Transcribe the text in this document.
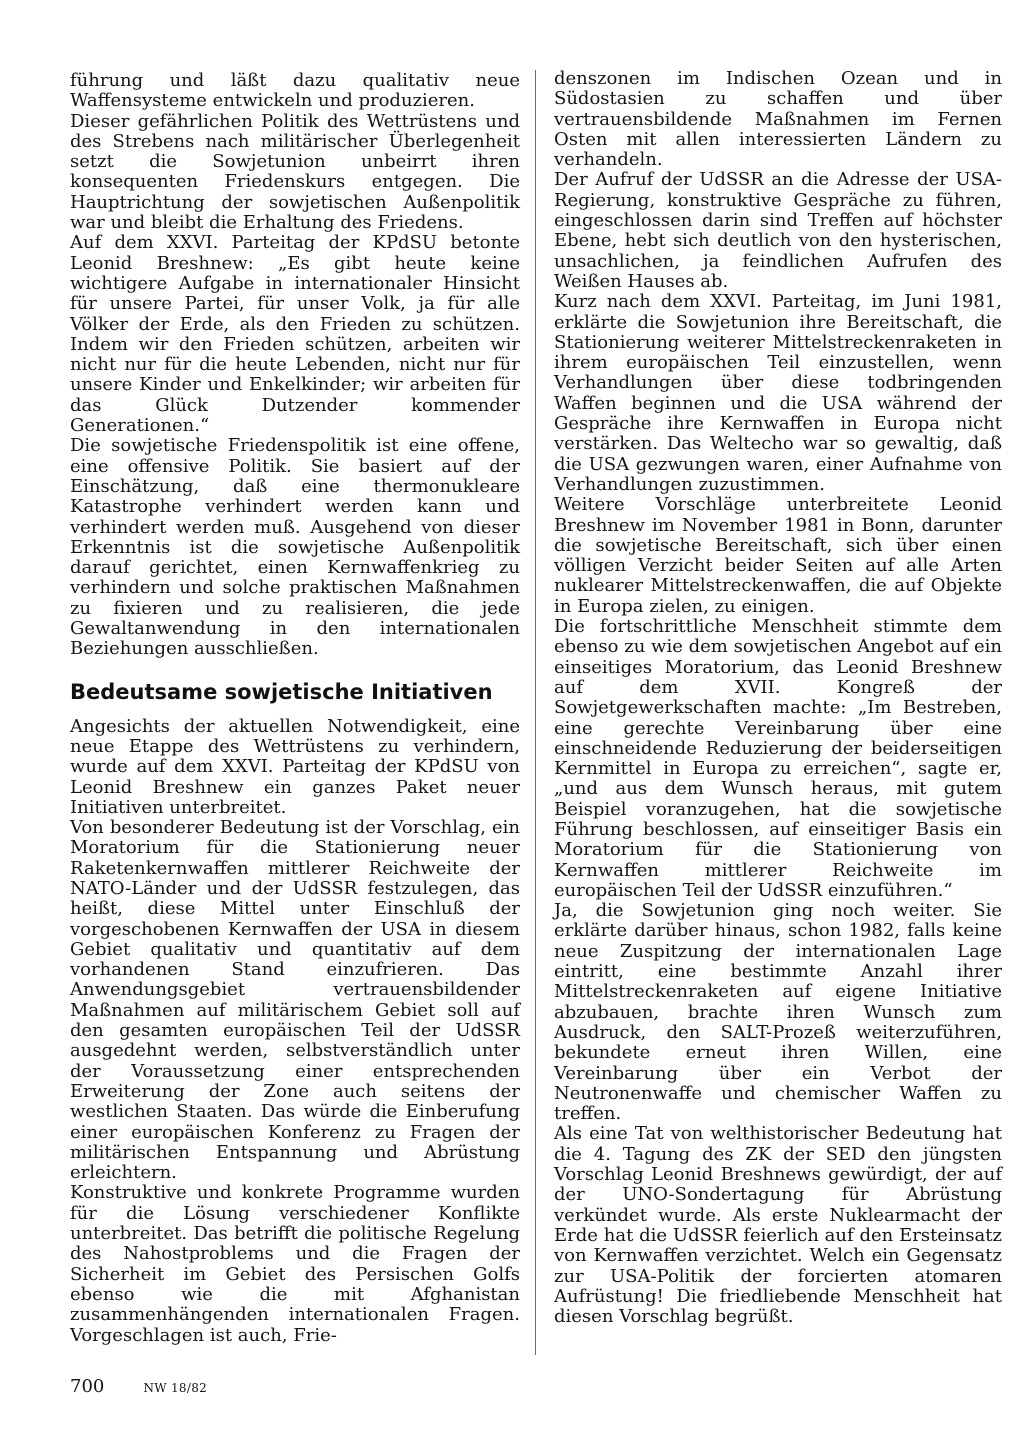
führung und läßt dazu qualitativ neue Waffensysteme entwickeln und produzieren.

Dieser gefährlichen Politik des Wettrüstens und des Strebens nach militärischer Überlegenheit setzt die Sowjetunion unbeirrt ihren konsequenten Friedenskurs entgegen. Die Hauptrichtung der sowjetischen Außenpolitik war und bleibt die Erhaltung des Friedens.

Auf dem XXVI. Parteitag der KPdSU betonte Leonid Breshnew: „Es gibt heute keine wichtigere Aufgabe in internationaler Hinsicht für unsere Partei, für unser Volk, ja für alle Völker der Erde, als den Frieden zu schützen. Indem wir den Frieden schützen, arbeiten wir nicht nur für die heute Lebenden, nicht nur für unsere Kinder und Enkelkinder; wir arbeiten für das Glück Dutzender kommender Generationen.“

Die sowjetische Friedenspolitik ist eine offene, eine offensive Politik. Sie basiert auf der Einschätzung, daß eine thermonukleare Katastrophe verhindert werden kann und verhindert werden muß. Ausgehend von dieser Erkenntnis ist die sowjetische Außenpolitik darauf gerichtet, einen Kernwaffenkrieg zu verhindern und solche praktischen Maßnahmen zu fixieren und zu realisieren, die jede Gewaltanwendung in den internationalen Beziehungen ausschließen.

Bedeutsame sowjetische Initiativen

Angesichts der aktuellen Notwendigkeit, eine neue Etappe des Wettrüstens zu verhindern, wurde auf dem XXVI. Parteitag der KPdSU von Leonid Breshnew ein ganzes Paket neuer Initiativen unterbreitet.

Von besonderer Bedeutung ist der Vorschlag, ein Moratorium für die Stationierung neuer Raketenkernwaffen mittlerer Reichweite der NATO-Länder und der UdSSR festzulegen, das heißt, diese Mittel unter Einschluß der vorgeschobenen Kernwaffen der USA in diesem Gebiet qualitativ und quantitativ auf dem vorhandenen Stand einzufrieren. Das Anwendungsgebiet vertrauensbildender Maßnahmen auf militärischem Gebiet soll auf den gesamten europäischen Teil der UdSSR ausgedehnt werden, selbstverständlich unter der Voraussetzung einer entsprechenden Erweiterung der Zone auch seitens der westlichen Staaten. Das würde die Einberufung einer europäischen Konferenz zu Fragen der militärischen Entspannung und Abrüstung erleichtern.

Konstruktive und konkrete Programme wurden für die Lösung verschiedener Konflikte unterbreitet. Das betrifft die politische Regelung des Nahostproblems und die Fragen der Sicherheit im Gebiet des Persischen Golfs ebenso wie die mit Afghanistan zusammenhängenden internationalen Fragen. Vorgeschlagen ist auch, Frie-

denszonen im Indischen Ozean und in Südostasien zu schaffen und über vertrauensbildende Maßnahmen im Fernen Osten mit allen interessierten Ländern zu verhandeln.

Der Aufruf der UdSSR an die Adresse der USA-Regierung, konstruktive Gespräche zu führen, eingeschlossen darin sind Treffen auf höchster Ebene, hebt sich deutlich von den hysterischen, unsachlichen, ja feindlichen Aufrufen des Weißen Hauses ab.

Kurz nach dem XXVI. Parteitag, im Juni 1981, erklärte die Sowjetunion ihre Bereitschaft, die Stationierung weiterer Mittelstreckenraketen in ihrem europäischen Teil einzustellen, wenn Verhandlungen über diese todbringenden Waffen beginnen und die USA während der Gespräche ihre Kernwaffen in Europa nicht verstärken. Das Weltecho war so gewaltig, daß die USA gezwungen waren, einer Aufnahme von Verhandlungen zuzustimmen.

Weitere Vorschläge unterbreitete Leonid Breshnew im November 1981 in Bonn, darunter die sowjetische Bereitschaft, sich über einen völligen Verzicht beider Seiten auf alle Arten nuklearer Mittelstreckenwaffen, die auf Objekte in Europa zielen, zu einigen.

Die fortschrittliche Menschheit stimmte dem ebenso zu wie dem sowjetischen Angebot auf ein einseitiges Moratorium, das Leonid Breshnew auf dem XVII. Kongreß der Sowjetgewerkschaften machte: „Im Bestreben, eine gerechte Vereinbarung über eine einschneidende Reduzierung der beiderseitigen Kernmittel in Europa zu erreichen“, sagte er, „und aus dem Wunsch heraus, mit gutem Beispiel voranzugehen, hat die sowjetische Führung beschlossen, auf einseitiger Basis ein Moratorium für die Stationierung von Kernwaffen mittlerer Reichweite im europäischen Teil der UdSSR einzuführen.“

Ja, die Sowjetunion ging noch weiter. Sie erklärte darüber hinaus, schon 1982, falls keine neue Zuspitzung der internationalen Lage eintritt, eine bestimmte Anzahl ihrer Mittelstreckenraketen auf eigene Initiative abzubauen, brachte ihren Wunsch zum Ausdruck, den SALT-Prozeß weiterzuführen, bekundete erneut ihren Willen, eine Vereinbarung über ein Verbot der Neutronenwaffe und chemischer Waffen zu treffen.

Als eine Tat von welthistorischer Bedeutung hat die 4. Tagung des ZK der SED den jüngsten Vorschlag Leonid Breshnews gewürdigt, der auf der UNO-Sondertagung für Abrüstung verkündet wurde. Als erste Nuklearmacht der Erde hat die UdSSR feierlich auf den Ersteinsatz von Kernwaffen verzichtet. Welch ein Gegensatz zur USA-Politik der forcierten atomaren Aufrüstung! Die friedliebende Menschheit hat diesen Vorschlag begrüßt.

700	NW 18/82
